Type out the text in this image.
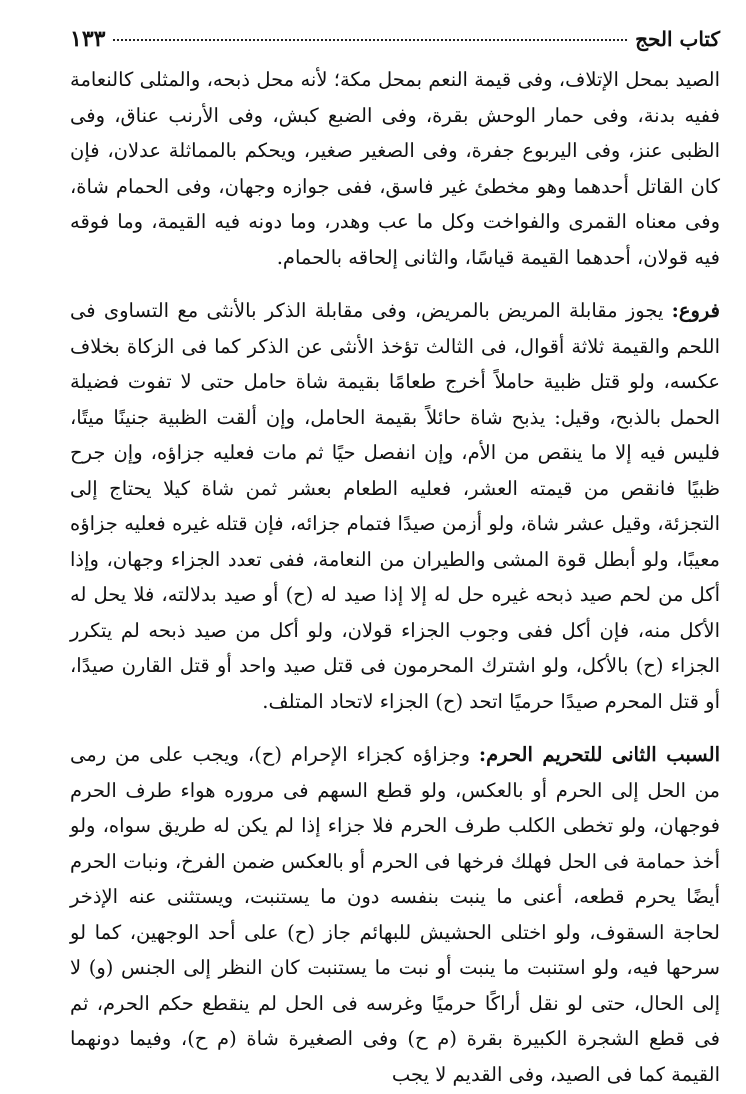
كتاب الحج
١٣٣

الصيد بمحل الإتلاف، وفى قيمة النعم بمحل مكة؛ لأنه محل ذبحه، والمثلى كالنعامة ففيه بدنة، وفى حمار الوحش بقرة، وفى الضبع كبش، وفى الأرنب عناق، وفى الظبى عنز، وفى اليربوع جفرة، وفى الصغير صغير، ويحكم بالمماثلة عدلان، فإن كان القاتل أحدهما وهو مخطئ غير فاسق، ففى جوازه وجهان، وفى الحمام شاة، وفى معناه القمرى والفواخت وكل ما عب وهدر، وما دونه فيه القيمة، وما فوقه فيه قولان، أحدهما القيمة قياسًا، والثانى إلحاقه بالحمام.

فروع: يجوز مقابلة المريض بالمريض، وفى مقابلة الذكر بالأنثى مع التساوى فى اللحم والقيمة ثلاثة أقوال، فى الثالث تؤخذ الأنثى عن الذكر كما فى الزكاة بخلاف عكسه، ولو قتل ظبية حاملاً أخرج طعامًا بقيمة شاة حامل حتى لا تفوت فضيلة الحمل بالذبح، وقيل: يذبح شاة حائلاً بقيمة الحامل، وإن ألقت الظبية جنينًا ميتًا، فليس فيه إلا ما ينقص من الأم، وإن انفصل حيًا ثم مات فعليه جزاؤه، وإن جرح ظبيًا فانقص من قيمته العشر، فعليه الطعام بعشر ثمن شاة كيلا يحتاج إلى التجزئة، وقيل عشر شاة، ولو أزمن صيدًا فتمام جزائه، فإن قتله غيره فعليه جزاؤه معيبًا، ولو أبطل قوة المشى والطيران من النعامة، ففى تعدد الجزاء وجهان، وإذا أكل من لحم صيد ذبحه غيره حل له إلا إذا صيد له (ح) أو صيد بدلالته، فلا يحل له الأكل منه، فإن أكل ففى وجوب الجزاء قولان، ولو أكل من صيد ذبحه لم يتكرر الجزاء (ح) بالأكل، ولو اشترك المحرمون فى قتل صيد واحد أو قتل القارن صيدًا، أو قتل المحرم صيدًا حرميًا اتحد (ح) الجزاء لاتحاد المتلف.

السبب الثانى للتحريم الحرم: وجزاؤه كجزاء الإحرام (ح)، ويجب على من رمى من الحل إلى الحرم أو بالعكس، ولو قطع السهم فى مروره هواء طرف الحرم فوجهان، ولو تخطى الكلب طرف الحرم فلا جزاء إذا لم يكن له طريق سواه، ولو أخذ حمامة فى الحل فهلك فرخها فى الحرم أو بالعكس ضمن الفرخ، ونبات الحرم أيضًا يحرم قطعه، أعنى ما ينبت بنفسه دون ما يستنبت، ويستثنى عنه الإذخر لحاجة السقوف، ولو اختلى الحشيش للبهائم جاز (ح) على أحد الوجهين، كما لو سرحها فيه، ولو استنبت ما ينبت أو نبت ما يستنبت كان النظر إلى الجنس (و) لا إلى الحال، حتى لو نقل أراكًا حرميًا وغرسه فى الحل لم ينقطع حكم الحرم، ثم فى قطع الشجرة الكبيرة بقرة (م ح) وفى الصغيرة شاة (م ح)، وفيما دونهما القيمة كما فى الصيد، وفى القديم لا يجب
